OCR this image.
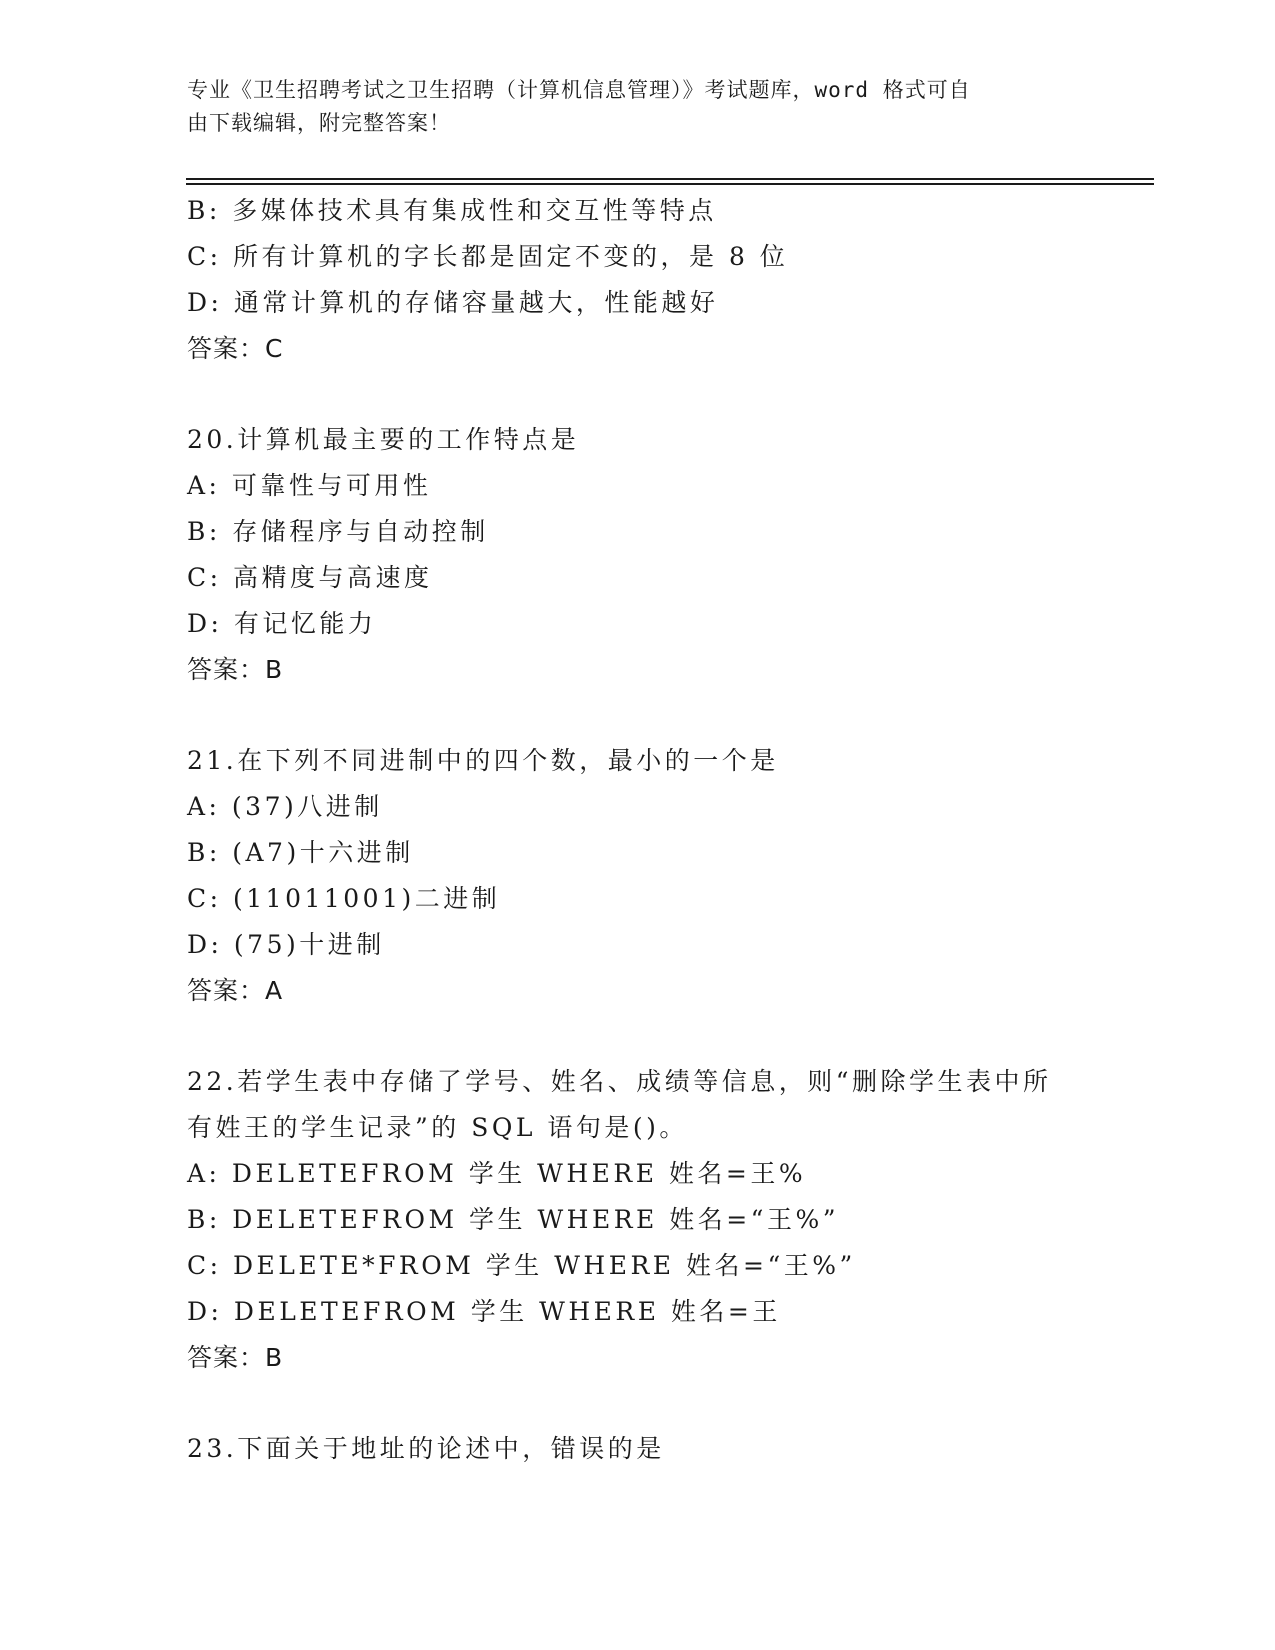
专业《卫生招聘考试之卫生招聘（计算机信息管理）》考试题库，word 格式可自
由下载编辑，附完整答案！
B: 多媒体技术具有集成性和交互性等特点
C: 所有计算机的字长都是固定不变的，是 8 位
D: 通常计算机的存储容量越大，性能越好
答案：C
20.计算机最主要的工作特点是
A: 可靠性与可用性
B: 存储程序与自动控制
C: 高精度与高速度
D: 有记忆能力
答案：B
21.在下列不同进制中的四个数，最小的一个是
A: (37)八进制
B: (A7)十六进制
C: (11011001)二进制
D: (75)十进制
答案：A
22.若学生表中存储了学号、姓名、成绩等信息，则“删除学生表中所
有姓王的学生记录”的 SQL 语句是()。
A: DELETEFROM 学生 WHERE 姓名=王%
B: DELETEFROM 学生 WHERE 姓名=“王%”
C: DELETE*FROM 学生 WHERE 姓名=“王%”
D: DELETEFROM 学生 WHERE 姓名=王
答案：B
23.下面关于地址的论述中，错误的是
